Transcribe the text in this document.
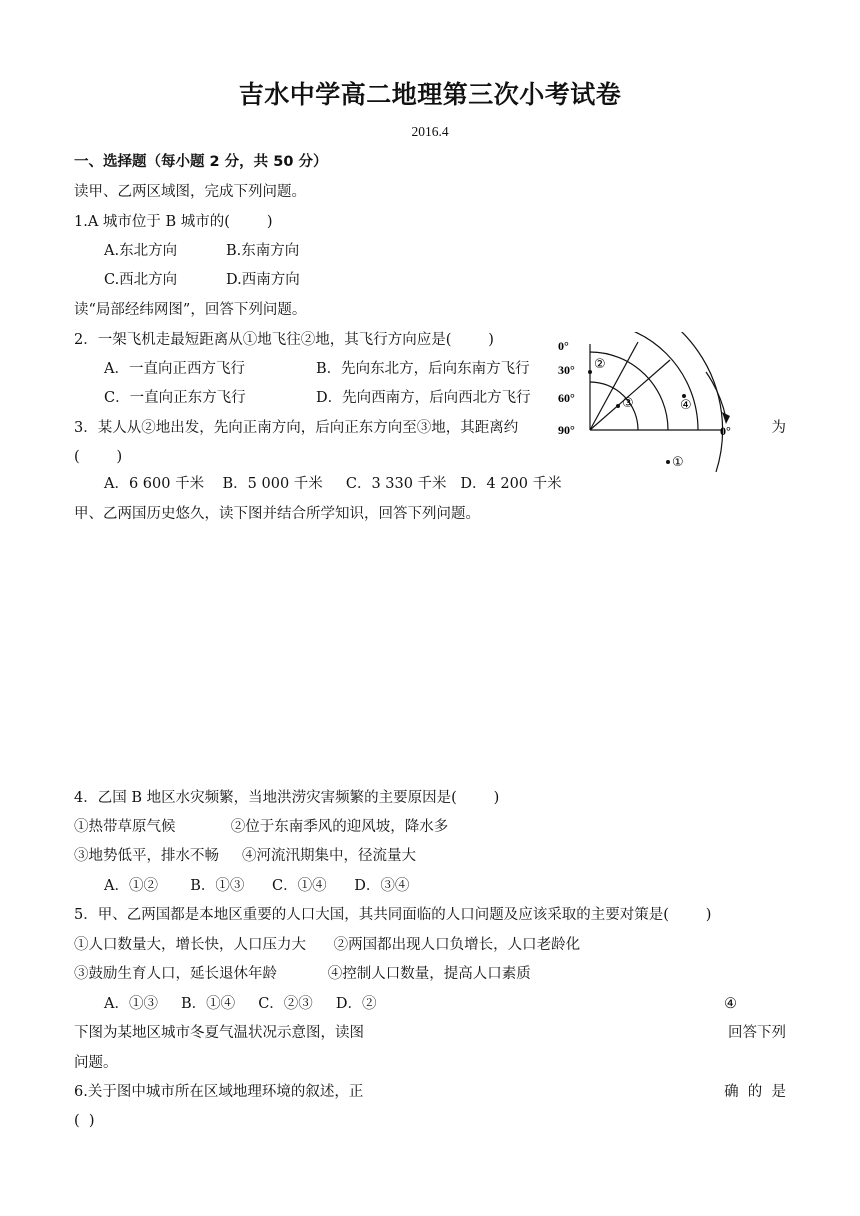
吉水中学高二地理第三次小考试卷
2016.4
一、选择题（每小题 2 分，共 50 分）
读甲、乙两区域图，完成下列问题。
1.A 城市位于 B 城市的(        )
A.东北方向	B.东南方向
C.西北方向	D.西南方向
读“局部经纬网图”，回答下列问题。
2．一架飞机走最短距离从①地飞往②地，其飞行方向应是(        )
A．一直向正西方飞行	B．先向东北方，后向东南方飞行
C．一直向正东方飞行	D．先向西南方，后向西北方飞行
3．某人从②地出发，先向正南方向，后向正东方向至③地，其距离约	为
(        )
A．6 600 千米    B．5 000 千米     C．3 330 千米   D．4 200 千米
甲、乙两国历史悠久，读下图并结合所学知识，回答下列问题。
4．乙国 B 地区水灾频繁，当地洪涝灾害频繁的主要原因是(        )
①热带草原气候            ②位于东南季风的迎风坡，降水多
③地势低平，排水不畅     ④河流汛期集中，径流量大
A．①②       B．①③      C．①④      D．③④
5．甲、乙两国都是本地区重要的人口大国，其共同面临的人口问题及应该采取的主要对策是(        )
①人口数量大，增长快，人口压力大      ②两国都出现人口负增长，人口老龄化
③鼓励生育人口，延长退休年龄           ④控制人口数量，提高人口素质
A．①③     B．①④     C．②③     D．②	④
下图为某地区城市冬夏气温状况示意图，读图	回答下列
问题。
6.关于图中城市所在区域地理环境的叙述，正	确  的  是
(  )
0°
30°
60°
90°	0°
②
③	④
①
